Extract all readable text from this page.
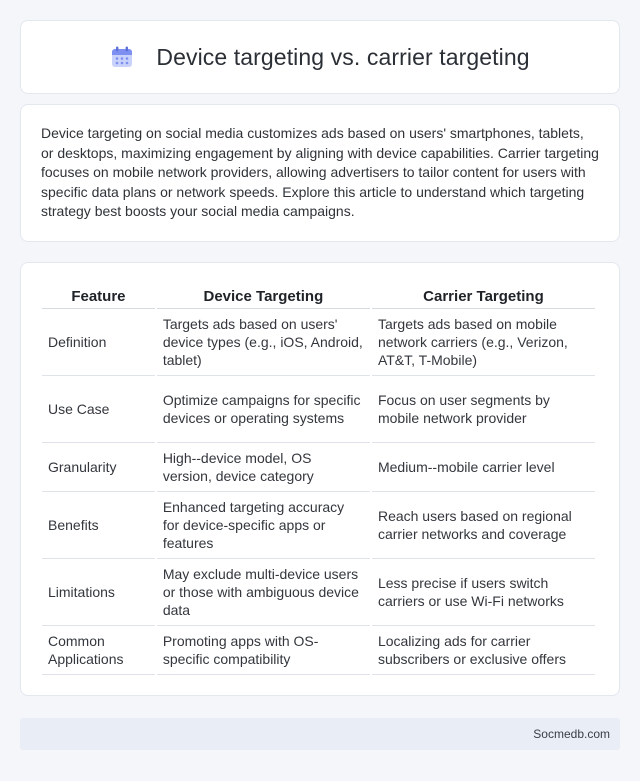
Device targeting vs. carrier targeting

Device targeting on social media customizes ads based on users' smartphones, tablets, or desktops, maximizing engagement by aligning with device capabilities. Carrier targeting focuses on mobile network providers, allowing advertisers to tailor content for users with specific data plans or network speeds. Explore this article to understand which targeting strategy best boosts your social media campaigns.

Feature	Device Targeting	Carrier Targeting
Definition	Targets ads based on users' device types (e.g., iOS, Android, tablet)	Targets ads based on mobile network carriers (e.g., Verizon, AT&T, T-Mobile)
Use Case	Optimize campaigns for specific devices or operating systems	Focus on user segments by mobile network provider
Granularity	High--device model, OS version, device category	Medium--mobile carrier level
Benefits	Enhanced targeting accuracy for device-specific apps or features	Reach users based on regional carrier networks and coverage
Limitations	May exclude multi-device users or those with ambiguous device data	Less precise if users switch carriers or use Wi-Fi networks
Common Applications	Promoting apps with OS-specific compatibility	Localizing ads for carrier subscribers or exclusive offers
Socmedb.com
